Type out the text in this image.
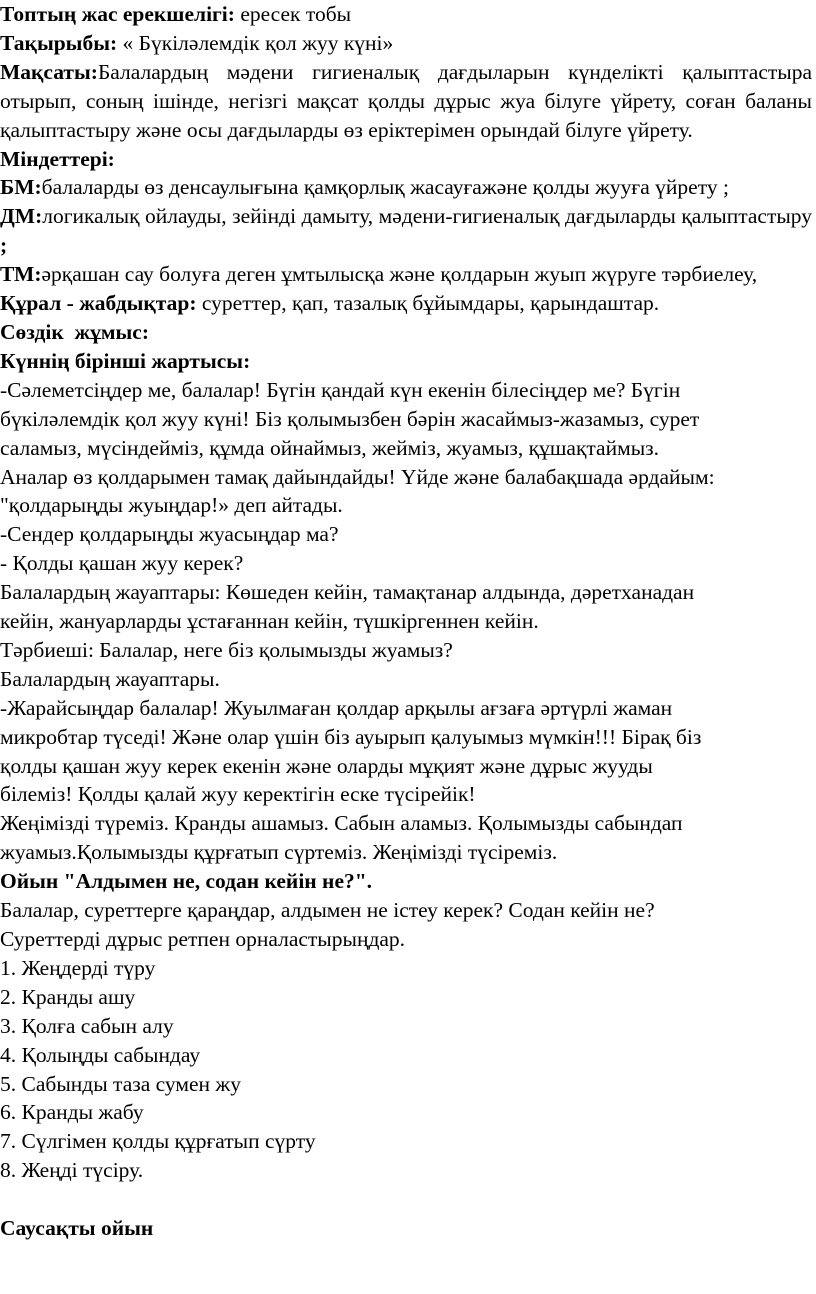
Топтың жас ерекшелігі: ересек тобы

Тақырыбы: « Бүкіләлемдік қол жуу күні»

Мақсаты:Балалардың мәдени гигиеналық дағдыларын күнделікті қалыптастыра отырып, соның ішінде, негізгі мақсат қолды дұрыс жуа білуге үйрету, соған баланы қалыптастыру және осы дағдыларды өз еріктерімен орындай білуге үйрету.

Міндеттері:

БМ:балаларды өз денсаулығына қамқорлық жасауғажәне қолды жууға үйрету ;

ДМ:логикалық ойлауды, зейінді дамыту, мәдени-гигиеналық дағдыларды қалыптастыру ;

ТМ:әрқашан сау болуға деген ұмтылысқа және қолдарын жуып жүруге тәрбиелеу,

Құрал - жабдықтар: суреттер, қап, тазалық бұйымдары, қарындаштар.

Сөздік  жұмыс:

Күннің бірінші жартысы:

-Сәлеметсіңдер ме, балалар! Бүгін қандай күн екенін білесіңдер ме? Бүгін

бүкіләлемдік қол жуу күні! Біз қолымызбен бәрін жасаймыз-жазамыз, сурет

саламыз, мүсіндейміз, құмда ойнаймыз, жейміз, жуамыз, құшақтаймыз.

Аналар өз қолдарымен тамақ дайындайды! Үйде және балабақшада әрдайым:

"қолдарыңды жуыңдар!» деп айтады.

-Сендер қолдарыңды жуасыңдар ма?

- Қолды қашан жуу керек?

Балалардың жауаптары: Көшеден кейін, тамақтанар алдында, дәретханадан

кейін, жануарларды ұстағаннан кейін, түшкіргеннен кейін.

Тәрбиеші: Балалар, неге біз қолымызды жуамыз?

Балалардың жауаптары.

-Жарайсыңдар балалар! Жуылмаған қолдар арқылы ағзаға әртүрлі жаман

микробтар түседі! Және олар үшін біз ауырып қалуымыз мүмкін!!! Бірақ біз

қолды қашан жуу керек екенін және оларды мұқият және дұрыс жууды

білеміз! Қолды қалай жуу керектігін еске түсірейік!

Жеңімізді түреміз. Кранды ашамыз. Сабын аламыз. Қолымызды сабындап

жуамыз.Қолымызды құрғатып сүртеміз. Жеңімізді түсіреміз.

Ойын "Алдымен не, содан кейін не?".

Балалар, суреттерге қараңдар, алдымен не істеу керек? Содан кейін не?

Суреттерді дұрыс ретпен орналастырыңдар.

1. Жеңдерді түру

2. Кранды ашу

3. Қолға сабын алу

4. Қолыңды сабындау

5. Сабынды таза сумен жу

6. Кранды жабу

7. Сүлгімен қолды құрғатып сүрту

8. Жеңді түсіру.

Саусақты ойын
